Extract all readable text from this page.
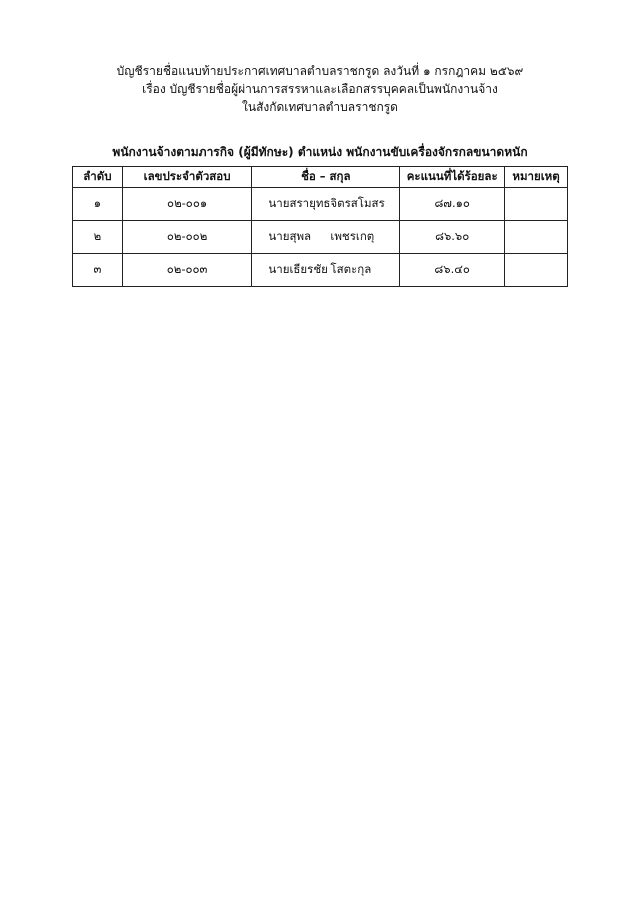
บัญชีรายชื่อแนบท้ายประกาศเทศบาลตำบลราชกรูด ลงวันที่ ๑ กรกฎาคม ๒๕๖๙
เรื่อง บัญชีรายชื่อผู้ผ่านการสรรหาและเลือกสรรบุคคลเป็นพนักงานจ้าง
ในสังกัดเทศบาลตำบลราชกรูด
พนักงานจ้างตามภารกิจ (ผู้มีทักษะ) ตำแหน่ง พนักงานขับเครื่องจักรกลขนาดหนัก
ลำดับ	เลขประจำตัวสอบ	ชื่อ – สกุล	คะแนนที่ได้ร้อยละ	หมายเหตุ
๑	๐๒-๐๐๑	นายสรายุทธจิตรสโมสร	๘๗.๑๐	
๒	๐๒-๐๐๒	นายสุพล เพชรเกตุ	๘๖.๖๐	
๓	๐๒-๐๐๓	นายเธียรชัย โสตะกุล	๘๖.๔๐	
